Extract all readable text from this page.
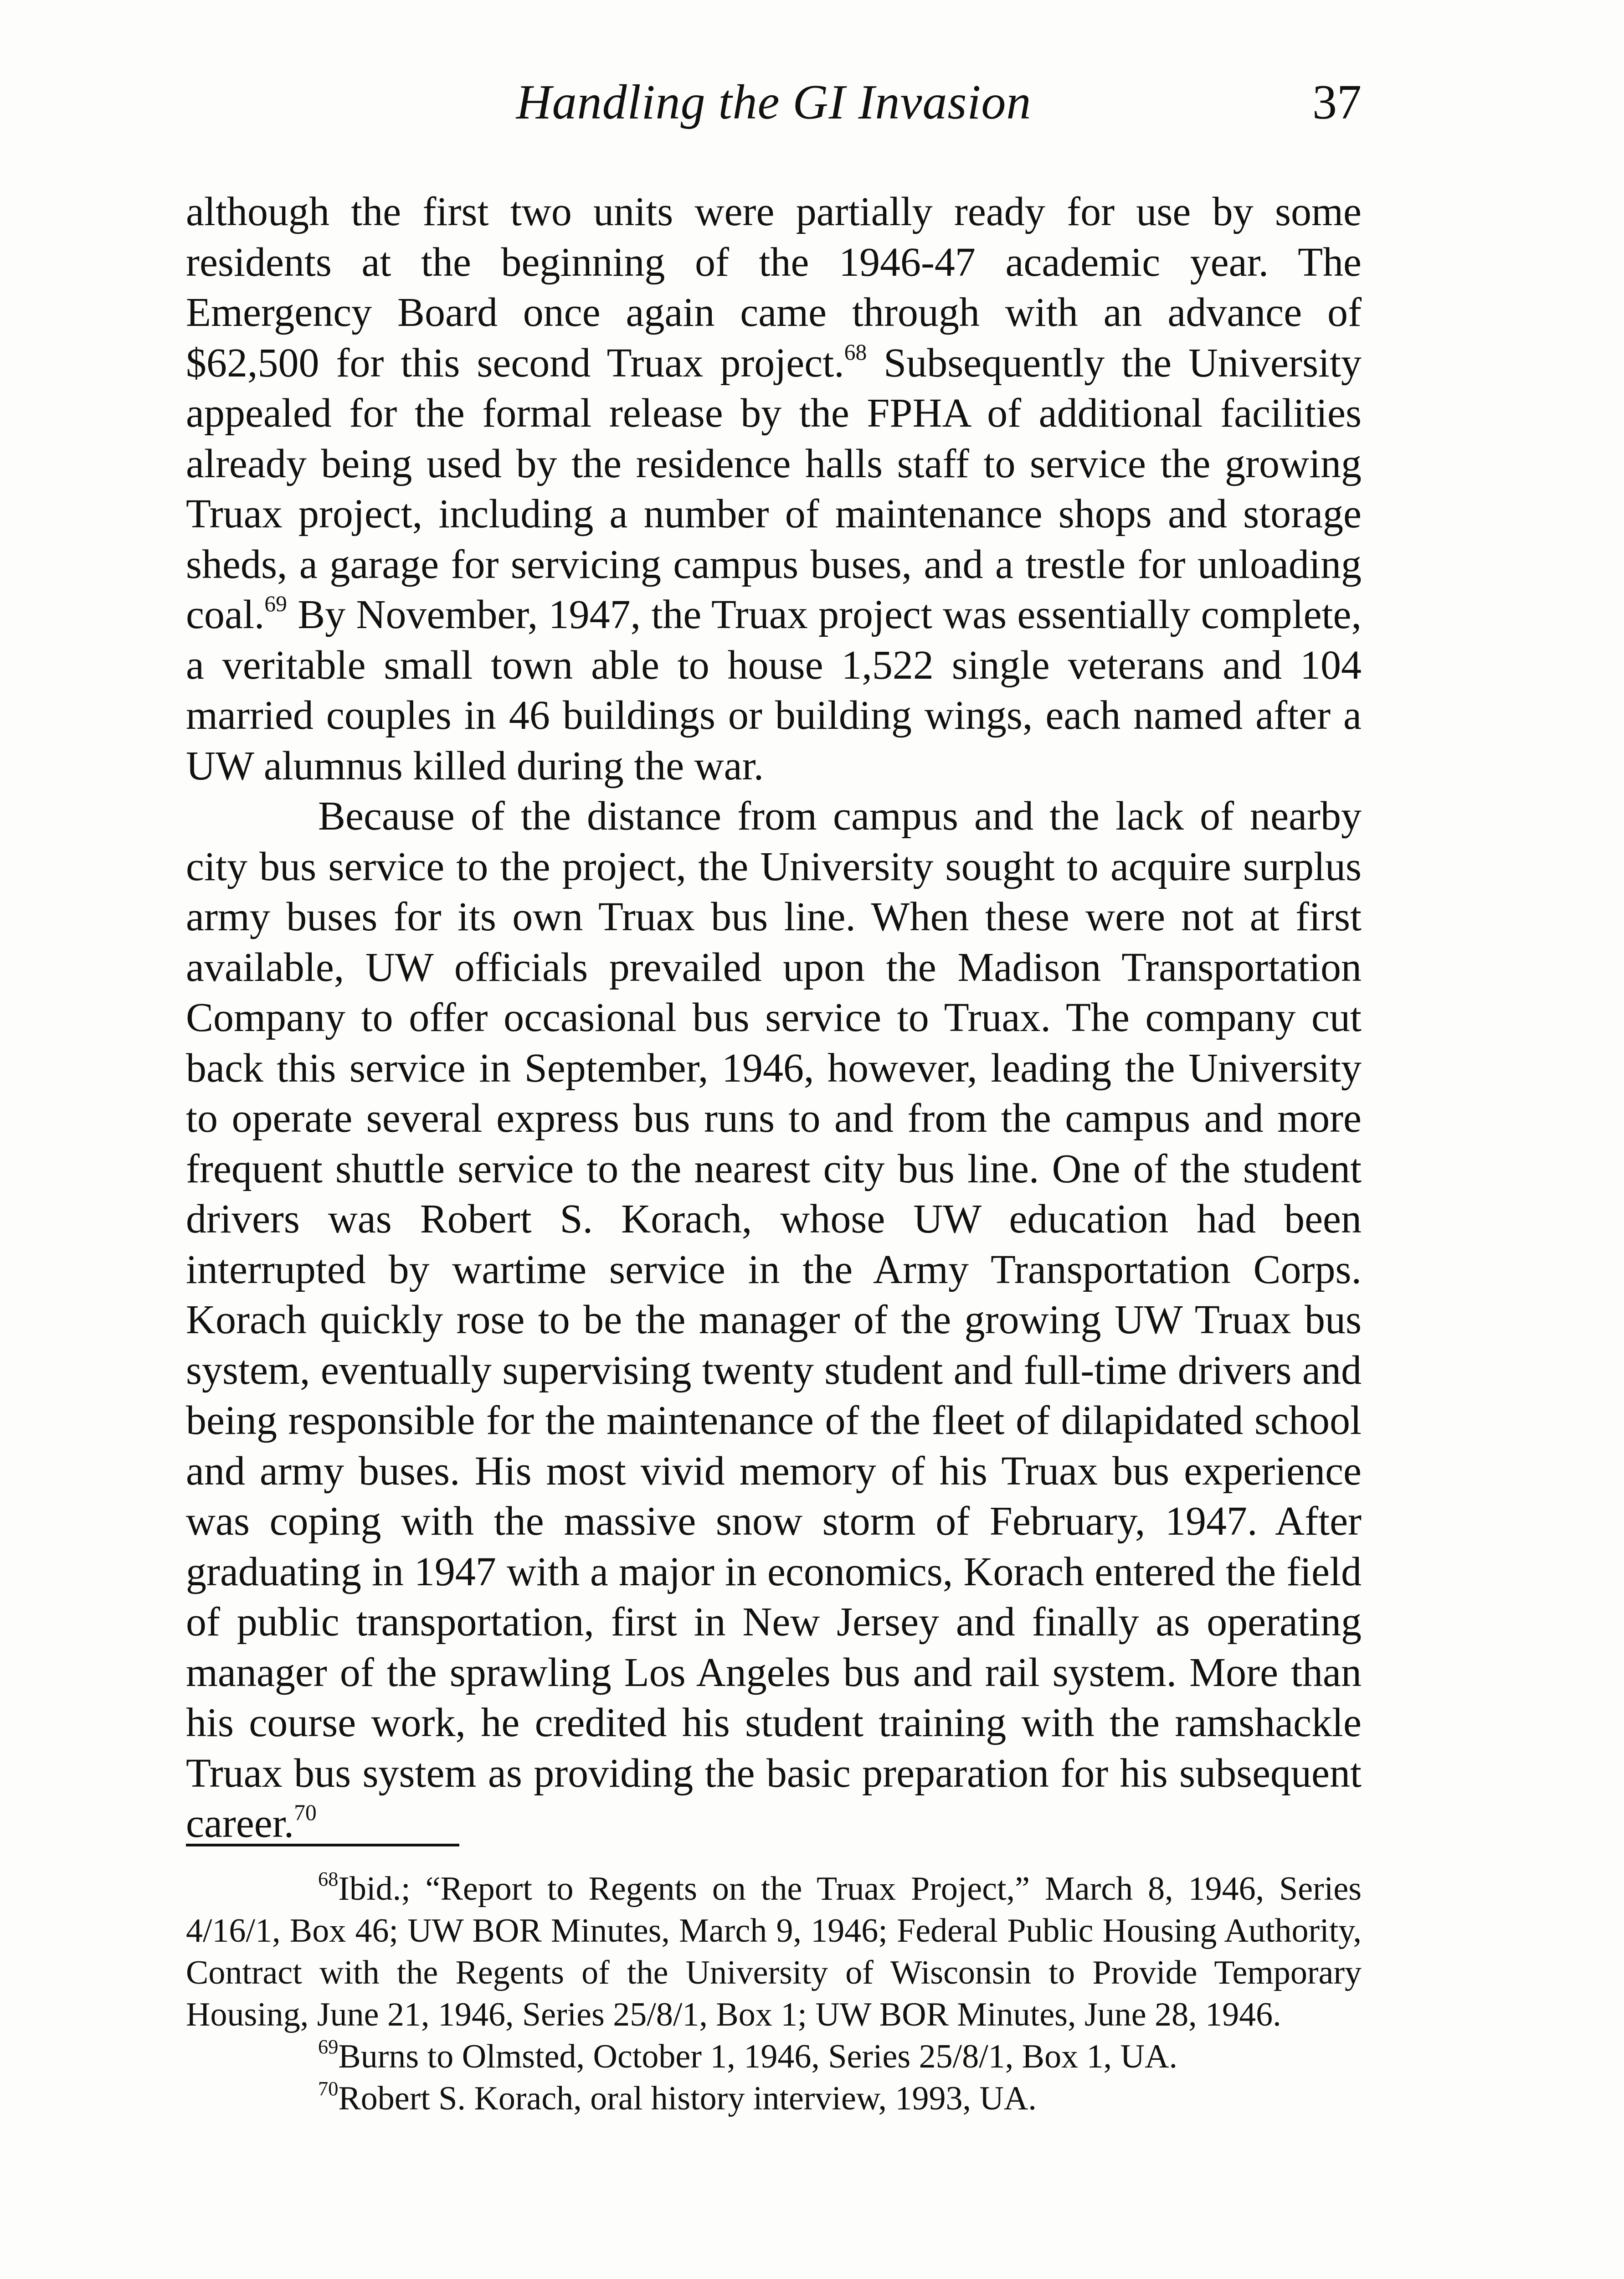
Handling the GI Invasion	37

although the first two units were partially ready for use by some residents at the beginning of the 1946-47 academic year. The Emergency Board once again came through with an advance of $62,500 for this second Truax project.$^{68}$ Subsequently the University appealed for the formal release by the FPHA of additional facilities already being used by the residence halls staff to service the growing Truax project, including a number of maintenance shops and storage sheds, a garage for servicing campus buses, and a trestle for unloading coal.$^{69}$ By November, 1947, the Truax project was essentially complete, a veritable small town able to house 1,522 single veterans and 104 married couples in 46 buildings or building wings, each named after a UW alumnus killed during the war.

Because of the distance from campus and the lack of nearby city bus service to the project, the University sought to acquire surplus army buses for its own Truax bus line. When these were not at first available, UW officials prevailed upon the Madison Transportation Company to offer occasional bus service to Truax. The company cut back this service in September, 1946, however, leading the University to operate several express bus runs to and from the campus and more frequent shuttle service to the nearest city bus line. One of the student drivers was Robert S. Korach, whose UW education had been interrupted by wartime service in the Army Transportation Corps. Korach quickly rose to be the manager of the growing UW Truax bus system, eventually supervising twenty student and full-time drivers and being responsible for the maintenance of the fleet of dilapidated school and army buses. His most vivid memory of his Truax bus experience was coping with the massive snow storm of February, 1947. After graduating in 1947 with a major in economics, Korach entered the field of public transportation, first in New Jersey and finally as operating manager of the sprawling Los Angeles bus and rail system. More than his course work, he credited his student training with the ramshackle Truax bus system as providing the basic preparation for his subsequent career.$^{70}$

$^{68}$Ibid.; “Report to Regents on the Truax Project,” March 8, 1946, Series 4/16/1, Box 46; UW BOR Minutes, March 9, 1946; Federal Public Housing Authority, Contract with the Regents of the University of Wisconsin to Provide Temporary Housing, June 21, 1946, Series 25/8/1, Box 1; UW BOR Minutes, June 28, 1946.

$^{69}$Burns to Olmsted, October 1, 1946, Series 25/8/1, Box 1, UA.

$^{70}$Robert S. Korach, oral history interview, 1993, UA.
